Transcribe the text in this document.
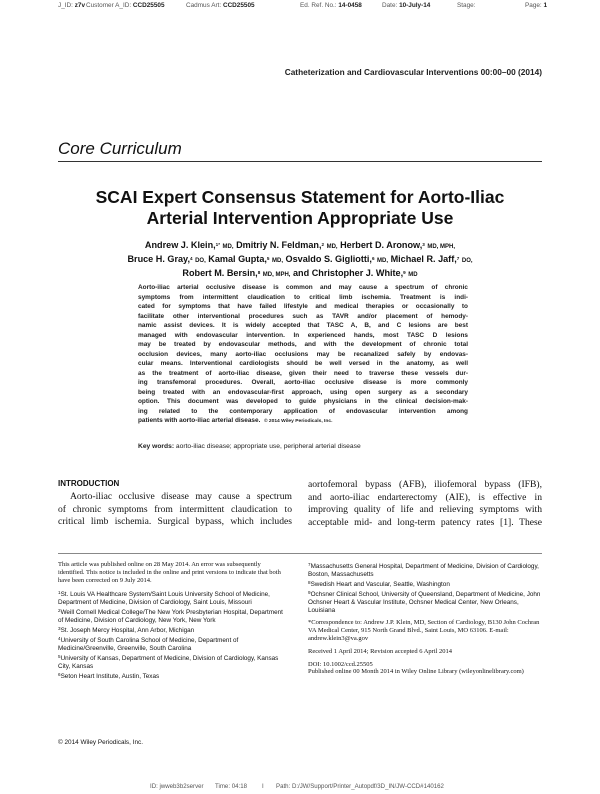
J_ID: z7v Customer A_ID: CCD25505	Cadmus Art: CCD25505	Ed. Ref. No.: 14-0458	Date: 10-July-14	Stage:	Page: 1
Catheterization and Cardiovascular Interventions 00:00–00 (2014)
Core Curriculum
SCAI Expert Consensus Statement for Aorto-Iliac
Arterial Intervention Appropriate Use
Andrew J. Klein,$^{1*}$ MD, Dmitriy N. Feldman,$^2$ MD, Herbert D. Aronow,$^3$ MD, MPH,
Bruce H. Gray,$^4$ DO, Kamal Gupta,$^5$ MD, Osvaldo S. Gigliotti,$^6$ MD, Michael R. Jaff,$^7$ DO,
Robert M. Bersin,$^8$ MD, MPH, and Christopher J. White,$^9$ MD
Aorto-iliac arterial occlusive disease is common and may cause a spectrum of chronic
symptoms from intermittent claudication to critical limb ischemia. Treatment is indi-
cated for symptoms that have failed lifestyle and medical therapies or occasionally to
facilitate other interventional procedures such as TAVR and/or placement of hemody-
namic assist devices. It is widely accepted that TASC A, B, and C lesions are best
managed with endovascular intervention. In experienced hands, most TASC D lesions
may be treated by endovascular methods, and with the development of chronic total
occlusion devices, many aorto-iliac occlusions may be recanalized safely by endovas-
cular means. Interventional cardiologists should be well versed in the anatomy, as well
as the treatment of aorto-iliac disease, given their need to traverse these vessels dur-
ing transfemoral procedures. Overall, aorto-iliac occlusive disease is more commonly
being treated with an endovascular-first approach, using open surgery as a secondary
option. This document was developed to guide physicians in the clinical decision-mak-
ing related to the contemporary application of endovascular intervention among
patients with aorto-iliac arterial disease. © 2014 Wiley Periodicals, Inc.
Key words: aorto-iliac disease; appropriate use, peripheral arterial disease
INTRODUCTION
Aorto-iliac occlusive disease may cause a spectrum
of chronic symptoms from intermittent claudication to
critical limb ischemia. Surgical bypass, which includes
aortofemoral bypass (AFB), iliofemoral bypass (IFB),
and aorto-iliac endarterectomy (AIE), is effective in
improving quality of life and relieving symptoms with
acceptable mid- and long-term patency rates [1]. These
This article was published online on 28 May 2014. An error was subsequently identified. This notice is included in the online and print versions to indicate that both have been corrected on 9 July 2014.

$^1$St. Louis VA Healthcare System/Saint Louis University School of Medicine, Department of Medicine, Division of Cardiology, Saint Louis, Missouri

$^2$Weill Cornell Medical College/The New York Presbyterian Hospital, Department of Medicine, Division of Cardiology, New York, New York

$^3$St. Joseph Mercy Hospital, Ann Arbor, Michigan

$^4$University of South Carolina School of Medicine, Department of Medicine/Greenville, Greenville, South Carolina

$^5$University of Kansas, Department of Medicine, Division of Cardiology, Kansas City, Kansas

$^6$Seton Heart Institute, Austin, Texas

$^7$Massachusetts General Hospital, Department of Medicine, Division of Cardiology, Boston, Massachusetts

$^8$Swedish Heart and Vascular, Seattle, Washington

$^9$Ochsner Clinical School, University of Queensland, Department of Medicine, John Ochsner Heart & Vascular Institute, Ochsner Medical Center, New Orleans, Louisiana

*Correspondence to: Andrew J.P. Klein, MD, Section of Cardiology, B130 John Cochran VA Medical Center, 915 North Grand Blvd., Saint Louis, MO 63106. E-mail: andrew.klein3@va.gov
Received 1 April 2014; Revision accepted 6 April 2014
DOI: 10.1002/ccd.25505
Published online 00 Month 2014 in Wiley Online Library (wileyonlinelibrary.com)
© 2014 Wiley Periodicals, Inc.
ID: jwweb3b2server Time: 04:18 I Path: D:/JW/Support/Printer_Autopdf/3D_IN/JW-CCD#140162
